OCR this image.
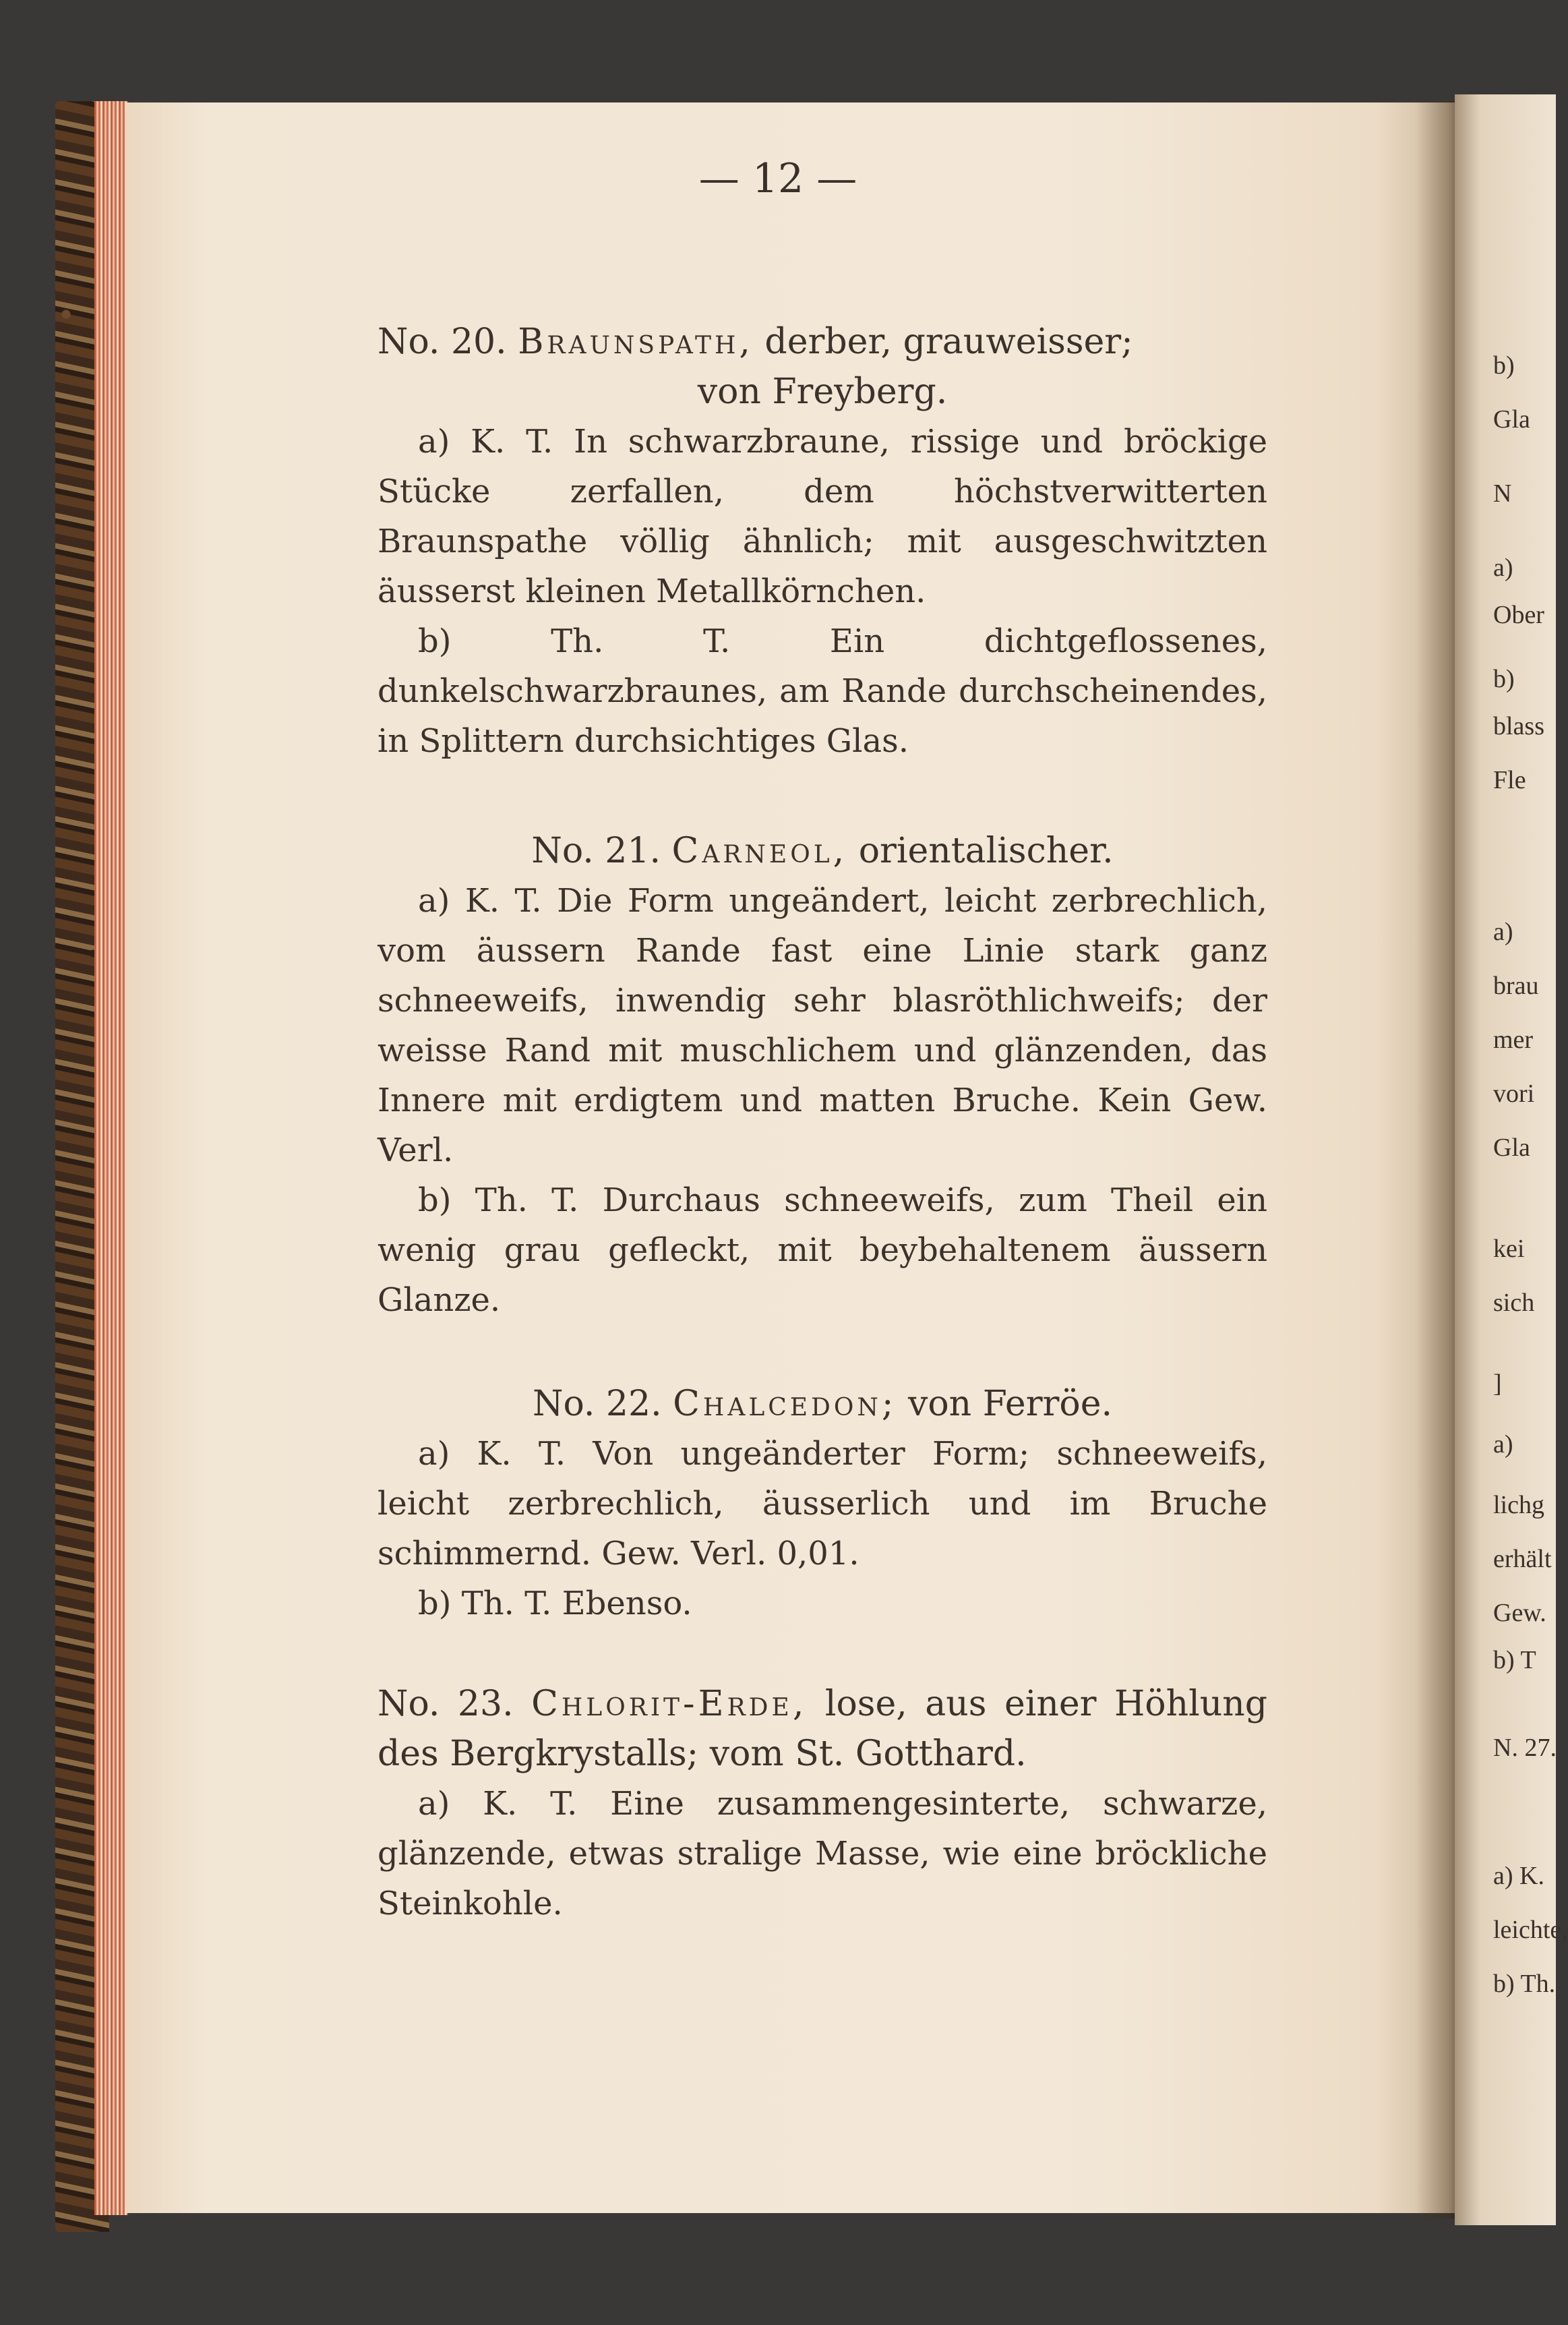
— 12 —
No. 20. Braunspath, derber, grauweisser;
von Freyberg.
a) K. T. In schwarzbraune, rissige und bröckige Stücke zerfallen, dem höchstverwitterten Braunspathe völlig ähnlich; mit ausgeschwitzten äusserst kleinen Metallkörnchen.
b) Th. T. Ein dichtgeflossenes, dunkelschwarzbraunes, am Rande durchscheinendes, in Splittern durchsichtiges Glas.
No. 21. Carneol, orientalischer.
a) K. T. Die Form ungeändert, leicht zerbrechlich, vom äussern Rande fast eine Linie stark ganz schneeweifs, inwendig sehr blasröthlichweifs; der weisse Rand mit muschlichem und glänzenden, das Innere mit erdigtem und matten Bruche. Kein Gew. Verl.
b) Th. T. Durchaus schneeweifs, zum Theil ein wenig grau gefleckt, mit beybehaltenem äussern Glanze.
No. 22. Chalcedon; von Ferröe.
a) K. T. Von ungeänderter Form; schneeweifs, leicht zerbrechlich, äusserlich und im Bruche schimmernd. Gew. Verl. 0,01.
b) Th. T. Ebenso.
No. 23. Chlorit-Erde, lose, aus einer Höhlung des Bergkrystalls; vom St. Gotthard.
a) K. T. Eine zusammengesinterte, schwarze, glänzende, etwas stralige Masse, wie eine bröckliche Steinkohle.
b)
Gla
N
a)
Ober
b)
blass
Fle
a)
brau
mer
vori
Gla
kei
sich
]
a)
lichg
erhält
Gew.
b) T
N. 27.
a) K.
leichte,
b) Th.
